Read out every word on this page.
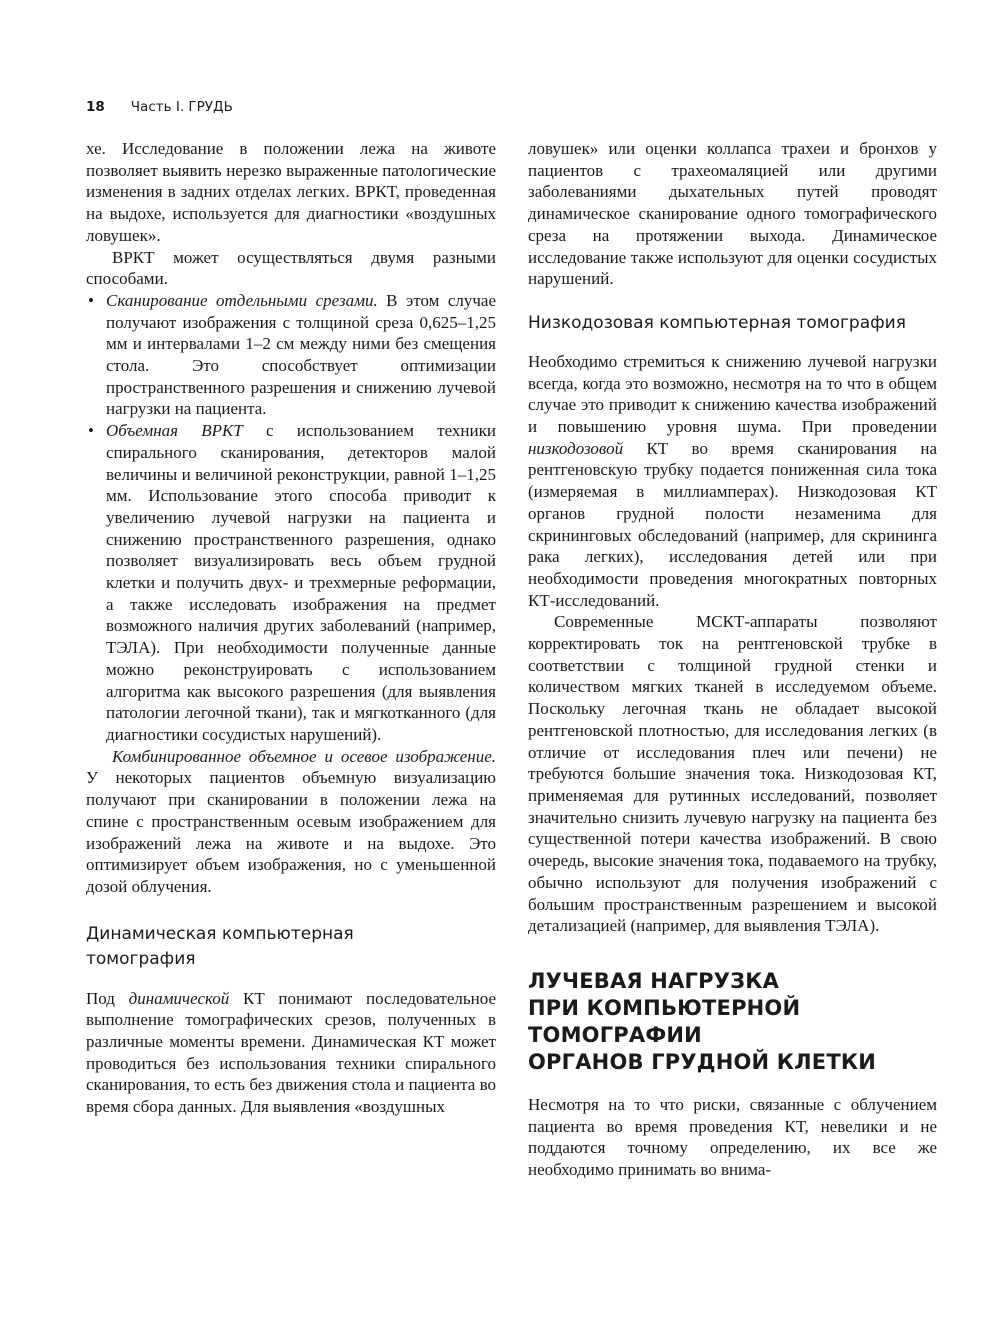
18 Часть I. ГРУДЬ

хе. Исследование в положении лежа на животе позволяет выявить нерезко выраженные патологические изменения в задних отделах легких. ВРКТ, проведенная на выдохе, используется для диагностики «воздушных ловушек».

ВРКТ может осуществляться двумя разными способами.

• Сканирование отдельными срезами. В этом случае получают изображения с толщиной среза 0,625–1,25 мм и интервалами 1–2 см между ними без смещения стола. Это способствует оптимизации пространственного разрешения и снижению лучевой нагрузки на пациента.
• Объемная ВРКТ с использованием техники спирального сканирования, детекторов малой величины и величиной реконструкции, равной 1–1,25 мм. Использование этого способа приводит к увеличению лучевой нагрузки на пациента и снижению пространственного разрешения, однако позволяет визуализировать весь объем грудной клетки и получить двух- и трехмерные реформации, а также исследовать изображения на предмет возможного наличия других заболеваний (например, ТЭЛА). При необходимости полученные данные можно реконструировать с использованием алгоритма как высокого разрешения (для выявления патологии легочной ткани), так и мягкотканного (для диагностики сосудистых нарушений).

Комбинированное объемное и осевое изображение. У некоторых пациентов объемную визуализацию получают при сканировании в положении лежа на спине с пространственным осевым изображением для изображений лежа на животе и на выдохе. Это оптимизирует объем изображения, но с уменьшенной дозой облучения.

Динамическая компьютерная
томография

Под динамической КТ понимают последовательное выполнение томографических срезов, полученных в различные моменты времени. Динамическая КТ может проводиться без использования техники спирального сканирования, то есть без движения стола и пациента во время сбора данных. Для выявления «воздушных

ловушек» или оценки коллапса трахеи и бронхов у пациентов с трахеомаляцией или другими заболеваниями дыхательных путей проводят динамическое сканирование одного томографического среза на протяжении выхода. Динамическое исследование также используют для оценки сосудистых нарушений.

Низкодозовая компьютерная томография

Необходимо стремиться к снижению лучевой нагрузки всегда, когда это возможно, несмотря на то что в общем случае это приводит к снижению качества изображений и повышению уровня шума. При проведении низкодозовой КТ во время сканирования на рентгеновскую трубку подается пониженная сила тока (измеряемая в миллиамперах). Низкодозовая КТ органов грудной полости незаменима для скрининговых обследований (например, для скрининга рака легких), исследования детей или при необходимости проведения многократных повторных КТ-исследований.

Современные МСКТ-аппараты позволяют корректировать ток на рентгеновской трубке в соответствии с толщиной грудной стенки и количеством мягких тканей в исследуемом объеме. Поскольку легочная ткань не обладает высокой рентгеновской плотностью, для исследования легких (в отличие от исследования плеч или печени) не требуются большие значения тока. Низкодозовая КТ, применяемая для рутинных исследований, позволяет значительно снизить лучевую нагрузку на пациента без существенной потери качества изображений. В свою очередь, высокие значения тока, подаваемого на трубку, обычно используют для получения изображений с большим пространственным разрешением и высокой детализацией (например, для выявления ТЭЛА).

ЛУЧЕВАЯ НАГРУЗКА
ПРИ КОМПЬЮТЕРНОЙ ТОМОГРАФИИ
ОРГАНОВ ГРУДНОЙ КЛЕТКИ

Несмотря на то что риски, связанные с облучением пациента во время проведения КТ, невелики и не поддаются точному определению, их все же необходимо принимать во внима-
